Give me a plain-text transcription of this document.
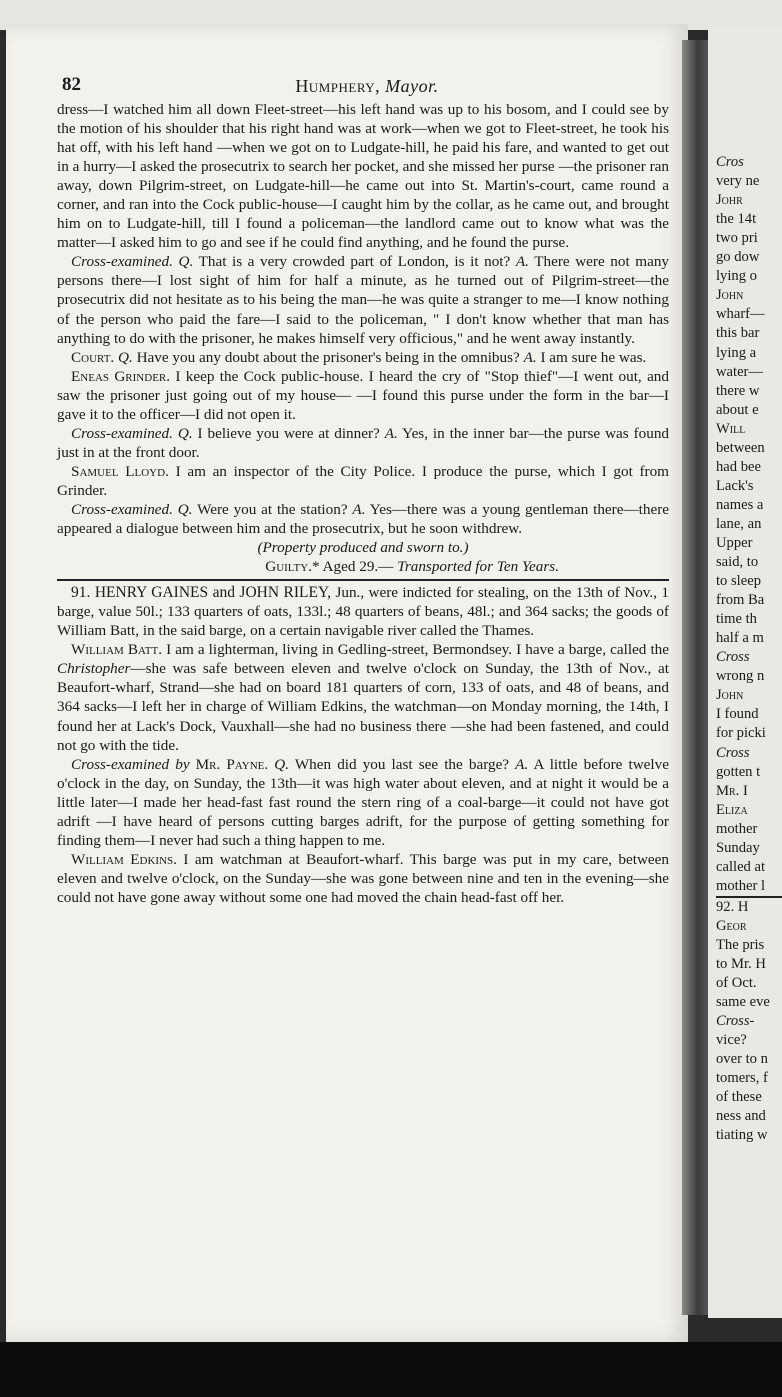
82	Humphery, Mayor.
Cros
very ne
Johr
the 14t
two pri
go dow
lying o
John
wharf—
this bar
lying a
water—
there w
about e
Will
between
had bee
Lack's
names a
lane, an
Upper
said, to
to sleep
from Ba
time th
half a m
Cross
wrong n
John
I found
for picki
Cross
gotten t
Mr. I
Eliza
mother
Sunday
called at
mother l
92. H
Geor
The pris
to Mr. H
of Oct.
same eve
Cross-
vice?
over to n
tomers, f
of these
ness and
tiating w

dress—I watched him all down Fleet-street—his left hand was up to his bosom, and I could see by the motion of his shoulder that his right hand was at work—when we got to Fleet-street, he took his hat off, with his left hand —when we got on to Ludgate-hill, he paid his fare, and wanted to get out in a hurry—I asked the prosecutrix to search her pocket, and she missed her purse —the prisoner ran away, down Pilgrim-street, on Ludgate-hill—he came out into St. Martin's-court, came round a corner, and ran into the Cock public-house—I caught him by the collar, as he came out, and brought him on to Ludgate-hill, till I found a policeman—the landlord came out to know what was the matter—I asked him to go and see if he could find anything, and he found the purse.

Cross-examined. Q. That is a very crowded part of London, is it not? A. There were not many persons there—I lost sight of him for half a minute, as he turned out of Pilgrim-street—the prosecutrix did not hesitate as to his being the man—he was quite a stranger to me—I know nothing of the person who paid the fare—I said to the policeman, " I don't know whether that man has anything to do with the prisoner, he makes himself very officious," and he went away instantly.

Court. Q. Have you any doubt about the prisoner's being in the omnibus? A. I am sure he was.

Eneas Grinder. I keep the Cock public-house. I heard the cry of "Stop thief"—I went out, and saw the prisoner just going out of my house— —I found this purse under the form in the bar—I gave it to the officer—I did not open it.

Cross-examined. Q. I believe you were at dinner? A. Yes, in the inner bar—the purse was found just in at the front door.

Samuel Lloyd. I am an inspector of the City Police. I produce the purse, which I got from Grinder.

Cross-examined. Q. Were you at the station? A. Yes—there was a young gentleman there—there appeared a dialogue between him and the prosecutrix, but he soon withdrew.

(Property produced and sworn to.)

Guilty.* Aged 29.— Transported for Ten Years.

91. HENRY GAINES and JOHN RILEY, Jun., were indicted for stealing, on the 13th of Nov., 1 barge, value 50l.; 133 quarters of oats, 133l.; 48 quarters of beans, 48l.; and 364 sacks; the goods of William Batt, in the said barge, on a certain navigable river called the Thames.

William Batt. I am a lighterman, living in Gedling-street, Bermondsey. I have a barge, called the Christopher—she was safe between eleven and twelve o'clock on Sunday, the 13th of Nov., at Beaufort-wharf, Strand—she had on board 181 quarters of corn, 133 of oats, and 48 of beans, and 364 sacks—I left her in charge of William Edkins, the watchman—on Monday morning, the 14th, I found her at Lack's Dock, Vauxhall—she had no business there —she had been fastened, and could not go with the tide.

Cross-examined by Mr. Payne. Q. When did you last see the barge? A. A little before twelve o'clock in the day, on Sunday, the 13th—it was high water about eleven, and at night it would be a little later—I made her head-fast fast round the stern ring of a coal-barge—it could not have got adrift —I have heard of persons cutting barges adrift, for the purpose of getting something for finding them—I never had such a thing happen to me.

William Edkins. I am watchman at Beaufort-wharf. This barge was put in my care, between eleven and twelve o'clock, on the Sunday—she was gone between nine and ten in the evening—she could not have gone away without some one had moved the chain head-fast off her.
